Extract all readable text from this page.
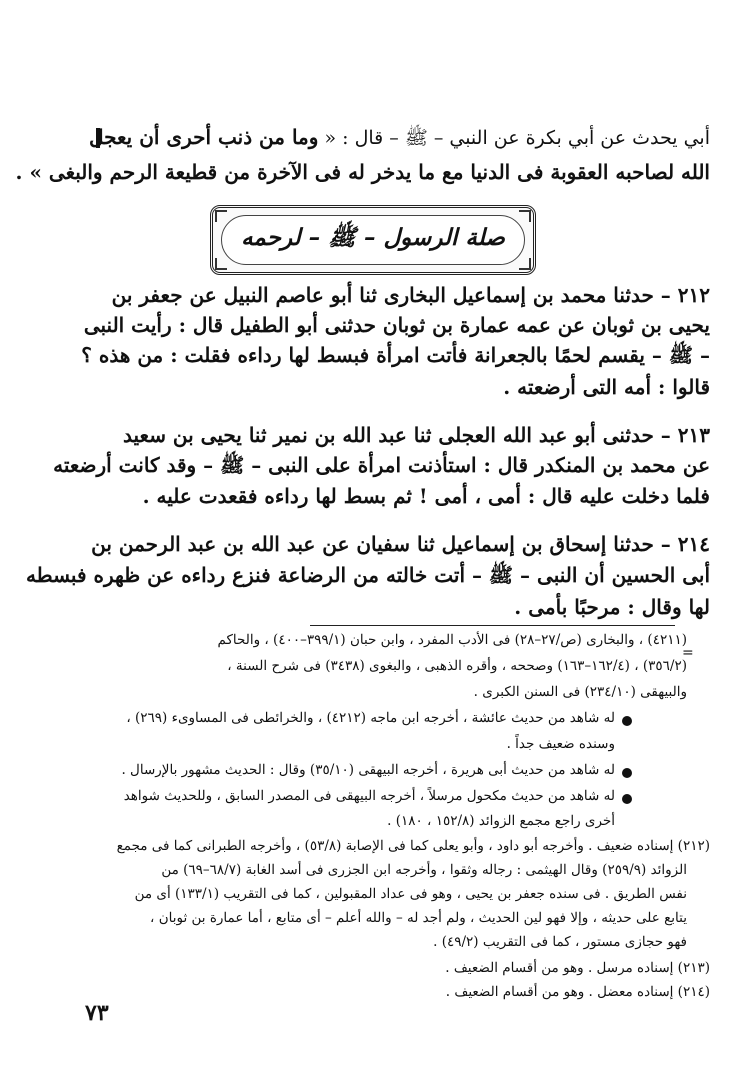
أبي يحدث عن أبي بكرة عن النبي – ﷺ – قال : « وما من ذنب أحرى أن يعجل
الله لصاحبه العقوبة فى الدنيا مع ما يدخر له فى الآخرة من قطيعة الرحم والبغى » .
صلة الرسول – ﷺ – لرحمه
٢١٢ – حدثنا محمد بن إسماعيل البخارى ثنا أبو عاصم النبيل عن جعفر بن
يحيى بن ثوبان عن عمه عمارة بن ثوبان حدثنى أبو الطفيل قال : رأيت النبى
– ﷺ – يقسم لحمًا بالجعرانة فأتت امرأة فبسط لها رداءه فقلت : من هذه ؟
قالوا : أمه التى أرضعته .
٢١٣ – حدثنى أبو عبد الله العجلى ثنا عبد الله بن نمير ثنا يحيى بن سعيد
عن محمد بن المنكدر قال : استأذنت امرأة على النبى – ﷺ – وقد كانت أرضعته
فلما دخلت عليه قال : أمى ، أمى ! ثم بسط لها رداءه فقعدت عليه .
٢١٤ – حدثنا إسحاق بن إسماعيل ثنا سفيان عن عبد الله بن عبد الرحمن بن
أبى الحسين أن النبى – ﷺ – أتت خالته من الرضاعة فنزع رداءه عن ظهره فبسطه
لها وقال : مرحبًا بأمى .
=
(٤٢١١) ، والبخارى (ص/٢٧–٢٨) فى الأدب المفرد ، وابن حبان (٣٩٩/١–٤٠٠) ، والحاكم
(٣٥٦/٢) ، (١٦٢/٤–١٦٣) وصححه ، وأقره الذهبى ، والبغوى (٣٤٣٨) فى شرح السنة ،
والبيهقى (٢٣٤/١٠) فى السنن الكبرى .
له شاهد من حديث عائشة ، أخرجه ابن ماجه (٤٢١٢) ، والخرائطى فى المساوىء (٢٦٩) ،
وسنده ضعيف جداً .
له شاهد من حديث أبى هريرة ، أخرجه البيهقى (٣٥/١٠) وقال : الحديث مشهور بالإرسال .
له شاهد من حديث مكحول مرسلاً ، أخرجه البيهقى فى المصدر السابق ، وللحديث شواهد
أخرى راجع مجمع الزوائد (١٥٢/٨ ، ١٨٠) .
(٢١٢) إسناده ضعيف . وأخرجه أبو داود ، وأبو يعلى كما فى الإصابة (٥٣/٨) ، وأخرجه الطبرانى كما فى مجمع
الزوائد (٢٥٩/٩) وقال الهيثمى : رجاله وثقوا ، وأخرجه ابن الجزرى فى أسد الغابة (٦٨/٧–٦٩) من
نفس الطريق . فى سنده جعفر بن يحيى ، وهو فى عداد المقبولين ، كما فى التقريب (١٣٣/١) أى من
يتابع على حديثه ، وإلا فهو لين الحديث ، ولم أجد له – والله أعلم – أى متابع ، أما عمارة بن ثوبان ،
فهو حجازى مستور ، كما فى التقريب (٤٩/٢) .
(٢١٣) إسناده مرسل . وهو من أقسام الضعيف .
(٢١٤) إسناده معضل . وهو من أقسام الضعيف .
٧٣
